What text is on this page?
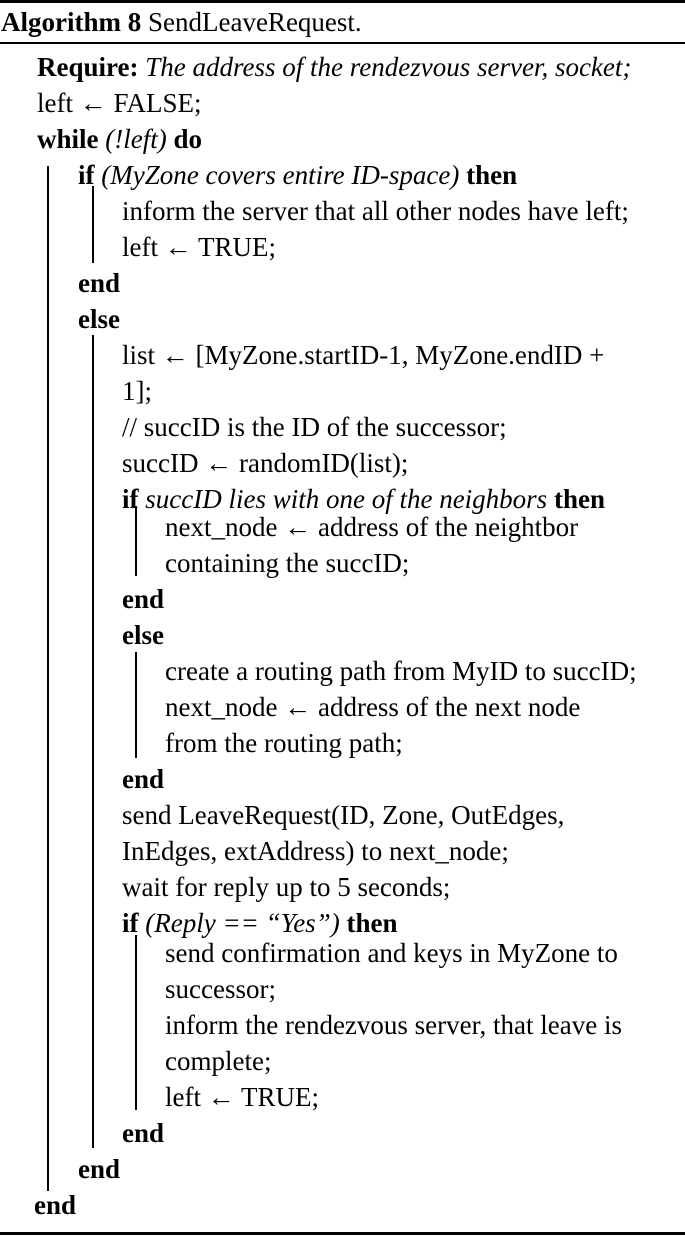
Algorithm 8 SendLeaveRequest.
Require: The address of the rendezvous server, socket;
left ← FALSE;
while (!left) do
if (MyZone covers entire ID-space) then
inform the server that all other nodes have left;
left ← TRUE;
end
else
list ← [MyZone.startID-1, MyZone.endID +
1];
// succID is the ID of the successor;
succID ← randomID(list);
if succID lies with one of the neighbors then
next_node ← address of the neightbor
containing the succID;
end
else
create a routing path from MyID to succID;
next_node ← address of the next node
from the routing path;
end
send LeaveRequest(ID, Zone, OutEdges,
InEdges, extAddress) to next_node;
wait for reply up to 5 seconds;
if (Reply == “Yes”) then
send confirmation and keys in MyZone to
successor;
inform the rendezvous server, that leave is
complete;
left ← TRUE;
end
end
end
